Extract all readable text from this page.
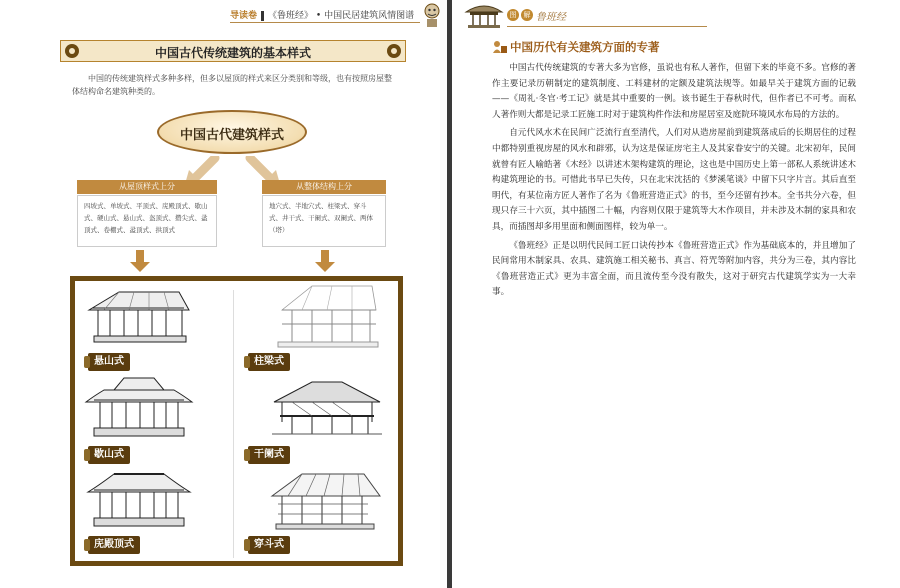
导读卷 《鲁班经》 • 中国民居建筑风情图谱
中国古代传统建筑的基本样式
中国的传统建筑样式多种多样，但多以屋顶的样式来区分类别和等级，也有按照房屋整体结构命名建筑种类的。
中国古代建筑样式
从屋顶样式上分
四坡式、单坡式、平顶式、庑殿顶式、歇山式、硬山式、悬山式、盔顶式、攒尖式、盝顶式、卷棚式、盝顶式、拱顶式
从整体结构上分
地穴式、半地穴式、柱梁式、穿斗式、井干式、干阑式、双阑式、两体（塔）
悬山式
歇山式
庑殿顶式
柱梁式
干阑式
穿斗式
图	解 鲁班经
中国历代有关建筑方面的专著

中国古代传统建筑的专著大多为官修，虽说也有私人著作，但留下来的毕竟不多。官修的著作主要记录历朝制定的建筑制度、工料建材的定额及建筑法规等。如最早关于建筑方面的记载——《周礼·冬官·考工记》就是其中重要的一例。该书诞生于春秋时代，但作者已不可考。而私人著作则大都是记录工匠施工时对于建筑构件作法和房屋居室及庭院环境风水布局的方法的。

自元代风水术在民间广泛流行直至清代，人们对从造房屋前到建筑落成后的长期居住的过程中都特别重视房屋的风水和辟邪，认为这是保证房宅主人及其家眷安宁的关键。北宋初年，民间就曾有匠人喻皓著《木经》以讲述木架构建筑的理论，这也是中国历史上第一部私人系统讲述木构建筑理论的书。可惜此书早已失传，只在北宋沈括的《梦溪笔谈》中留下只字片言。其后直至明代，有某位南方匠人著作了名为《鲁班营造正式》的书，至今还留有抄本。全书共分六卷，但现只存三十六页，其中插图二十幅，内容则仅限于建筑等大木作项目，并未涉及木制的家具和农具，而插图却多用里面和侧面图样，较为单一。

《鲁班经》正是以明代民间工匠口诀传抄本《鲁班营造正式》作为基础底本的，并且增加了民间常用木制家具、农具、建筑施工相关秘书、真言、符咒等附加内容，共分为三卷，其内容比《鲁班营造正式》更为丰富全面，而且流传至今没有散失，这对于研究古代建筑学实为一大幸事。
